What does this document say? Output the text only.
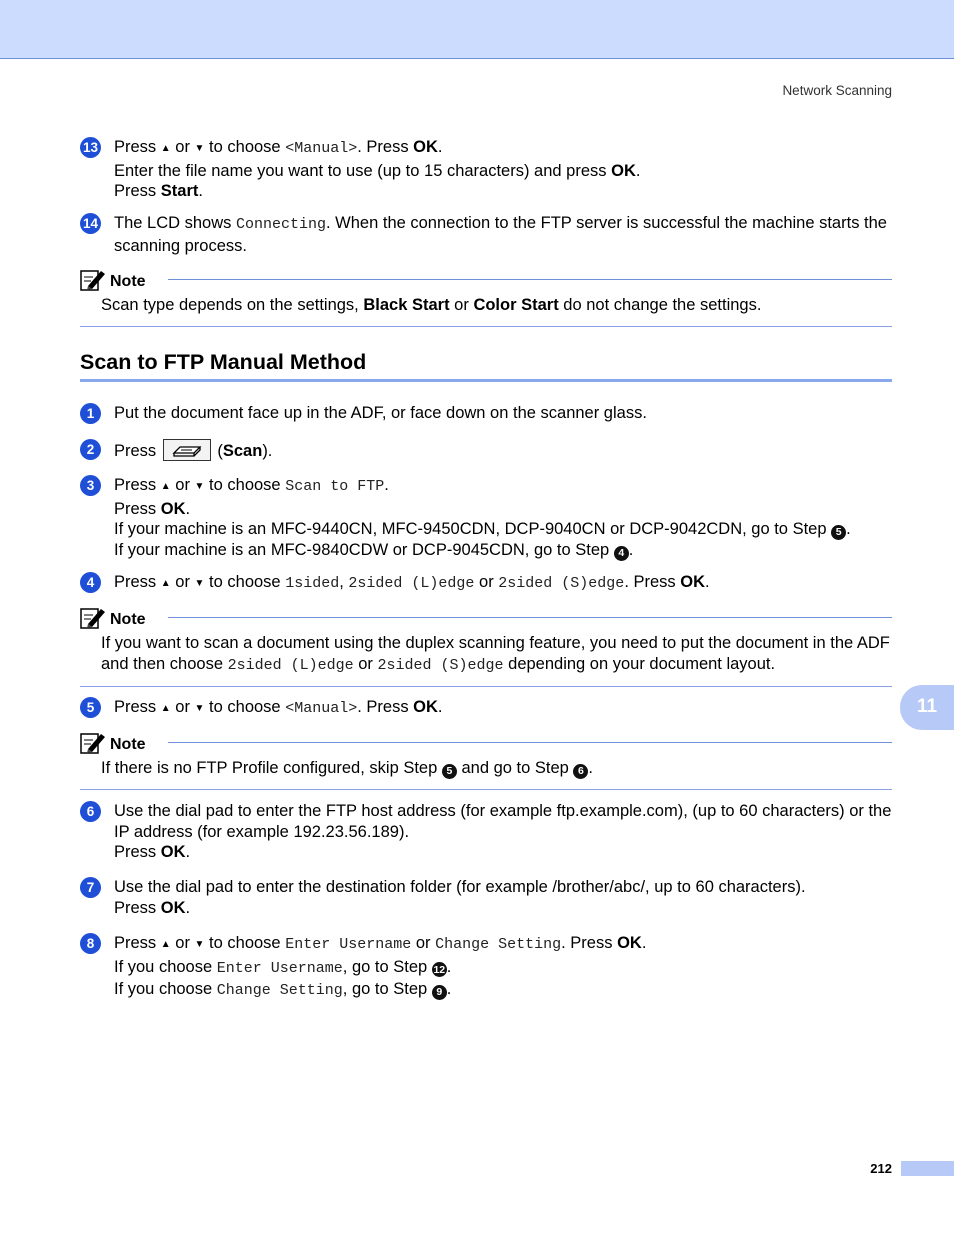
Network Scanning
13 Press ▲ or ▼ to choose <Manual>. Press OK.
Enter the file name you want to use (up to 15 characters) and press OK.
Press Start.
14 The LCD shows Connecting. When the connection to the FTP server is successful the machine starts the scanning process.
Note
Scan type depends on the settings, Black Start or Color Start do not change the settings.
Scan to FTP Manual Method
1	Put the document face up in the ADF, or face down on the scanner glass.
2	Press	(Scan).
3	Press ▲ or ▼ to choose Scan to FTP.
Press OK.
If your machine is an MFC-9440CN, MFC-9450CDN, DCP-9040CN or DCP-9042CDN, go to Step 5 .
If your machine is an MFC-9840CDW or DCP-9045CDN, go to Step 4 .
4	Press ▲ or ▼ to choose 1sided, 2sided (L)edge or 2sided (S)edge. Press OK.
Note
If you want to scan a document using the duplex scanning feature, you need to put the document in the ADF and then choose 2sided (L)edge or 2sided (S)edge depending on your document layout.
5	Press ▲ or ▼ to choose <Manual>. Press OK.
Note
If there is no FTP Profile configured, skip Step 5 and go to Step 6 .
6	Use the dial pad to enter the FTP host address (for example ftp.example.com), (up to 60 characters) or the IP address (for example 192.23.56.189).
Press OK.
7	Use the dial pad to enter the destination folder (for example /brother/abc/, up to 60 characters).
Press OK.
8	Press ▲ or ▼ to choose Enter Username or Change Setting. Press OK.
If you choose Enter Username, go to Step 12 .
If you choose Change Setting, go to Step 9 .
11
212
